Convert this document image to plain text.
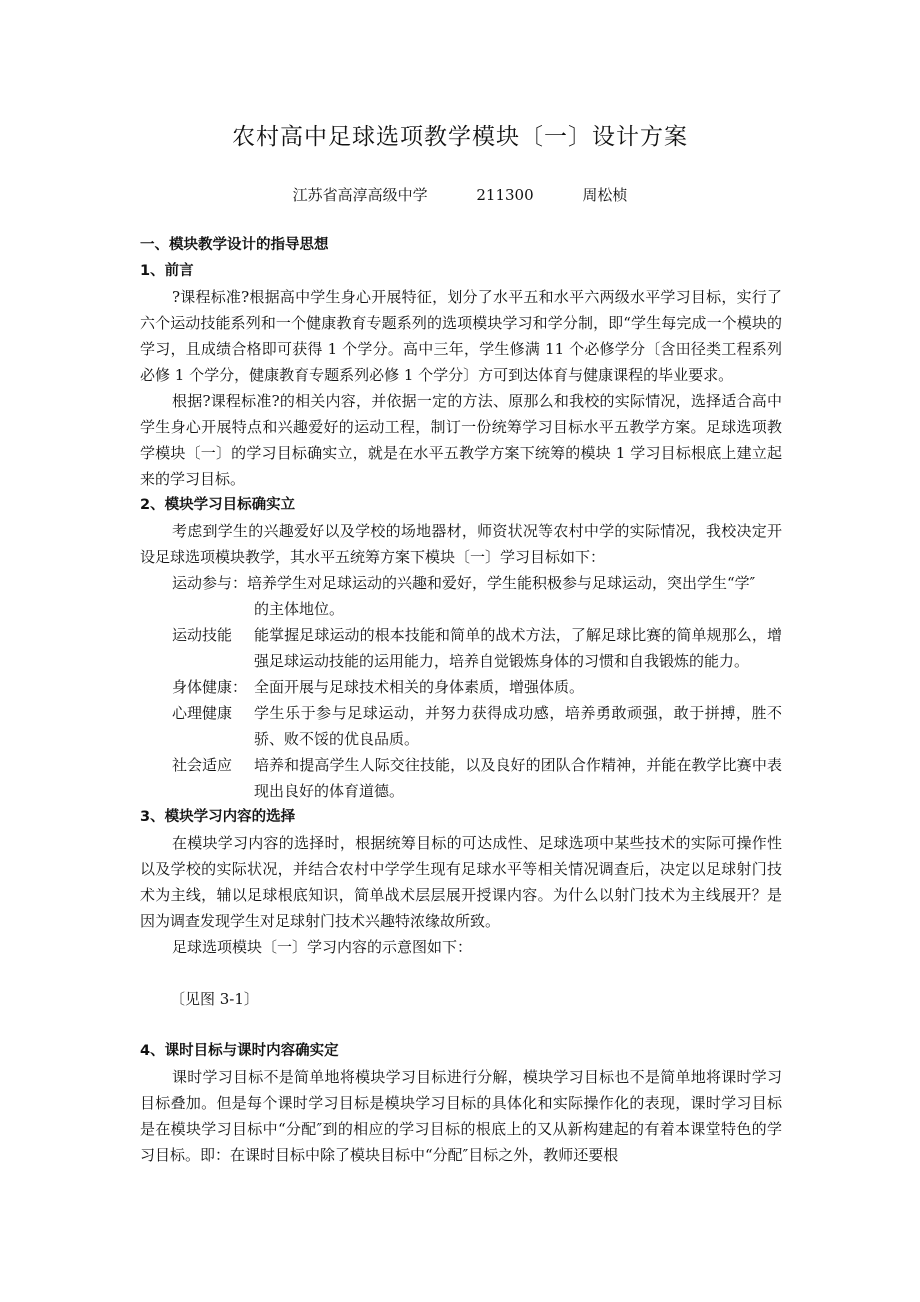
农村高中足球选项教学模块〔一〕设计方案
江苏省高淳高级中学	211300	周松桢

一、模块教学设计的指导思想

1、前言

?课程标准?根据高中学生身心开展特征，划分了水平五和水平六两级水平学习目标，实行了六个运动技能系列和一个健康教育专题系列的选项模块学习和学分制，即“学生每完成一个模块的学习，且成绩合格即可获得 1 个学分。高中三年，学生修满 11 个必修学分〔含田径类工程系列必修 1 个学分，健康教育专题系列必修 1 个学分〕方可到达体育与健康课程的毕业要求。

根据?课程标准?的相关内容，并依据一定的方法、原那么和我校的实际情况，选择适合高中学生身心开展特点和兴趣爱好的运动工程，制订一份统筹学习目标水平五教学方案。足球选项教学模块〔一〕的学习目标确实立，就是在水平五教学方案下统筹的模块 1 学习目标根底上建立起来的学习目标。

2、模块学习目标确实立

考虑到学生的兴趣爱好以及学校的场地器材，师资状况等农村中学的实际情况，我校决定开设足球选项模块教学，其水平五统筹方案下模块〔一〕学习目标如下：

运动参与：培养学生对足球运动的兴趣和爱好，学生能积极参与足球运动，突出学生“学″

的主体地位。

运动技能	能掌握足球运动的根本技能和简单的战术方法，了解足球比赛的简单规那么，增强足球运动技能的运用能力，培养自觉锻炼身体的习惯和自我锻炼的能力。
身体健康： 全面开展与足球技术相关的身体素质，增强体质。
心理健康	学生乐于参与足球运动，并努力获得成功感，培养勇敢顽强，敢于拼搏，胜不骄、败不馁的优良品质。
社会适应	培养和提高学生人际交往技能，以及良好的团队合作精神，并能在教学比赛中表现出良好的体育道德。

3、模块学习内容的选择

在模块学习内容的选择时，根据统筹目标的可达成性、足球选项中某些技术的实际可操作性以及学校的实际状况，并结合农村中学学生现有足球水平等相关情况调查后，决定以足球射门技术为主线，辅以足球根底知识，简单战术层层展开授课内容。为什么以射门技术为主线展开？是因为调查发现学生对足球射门技术兴趣特浓缘故所致。

足球选项模块〔一〕学习内容的示意图如下：

〔见图 3-1〕

4、课时目标与课时内容确实定

课时学习目标不是简单地将模块学习目标进行分解，模块学习目标也不是简单地将课时学习目标叠加。但是每个课时学习目标是模块学习目标的具体化和实际操作化的表现，课时学习目标是在模块学习目标中“分配″到的相应的学习目标的根底上的又从新构建起的有着本课堂特色的学习目标。即：在课时目标中除了模块目标中“分配″目标之外，教师还要根
